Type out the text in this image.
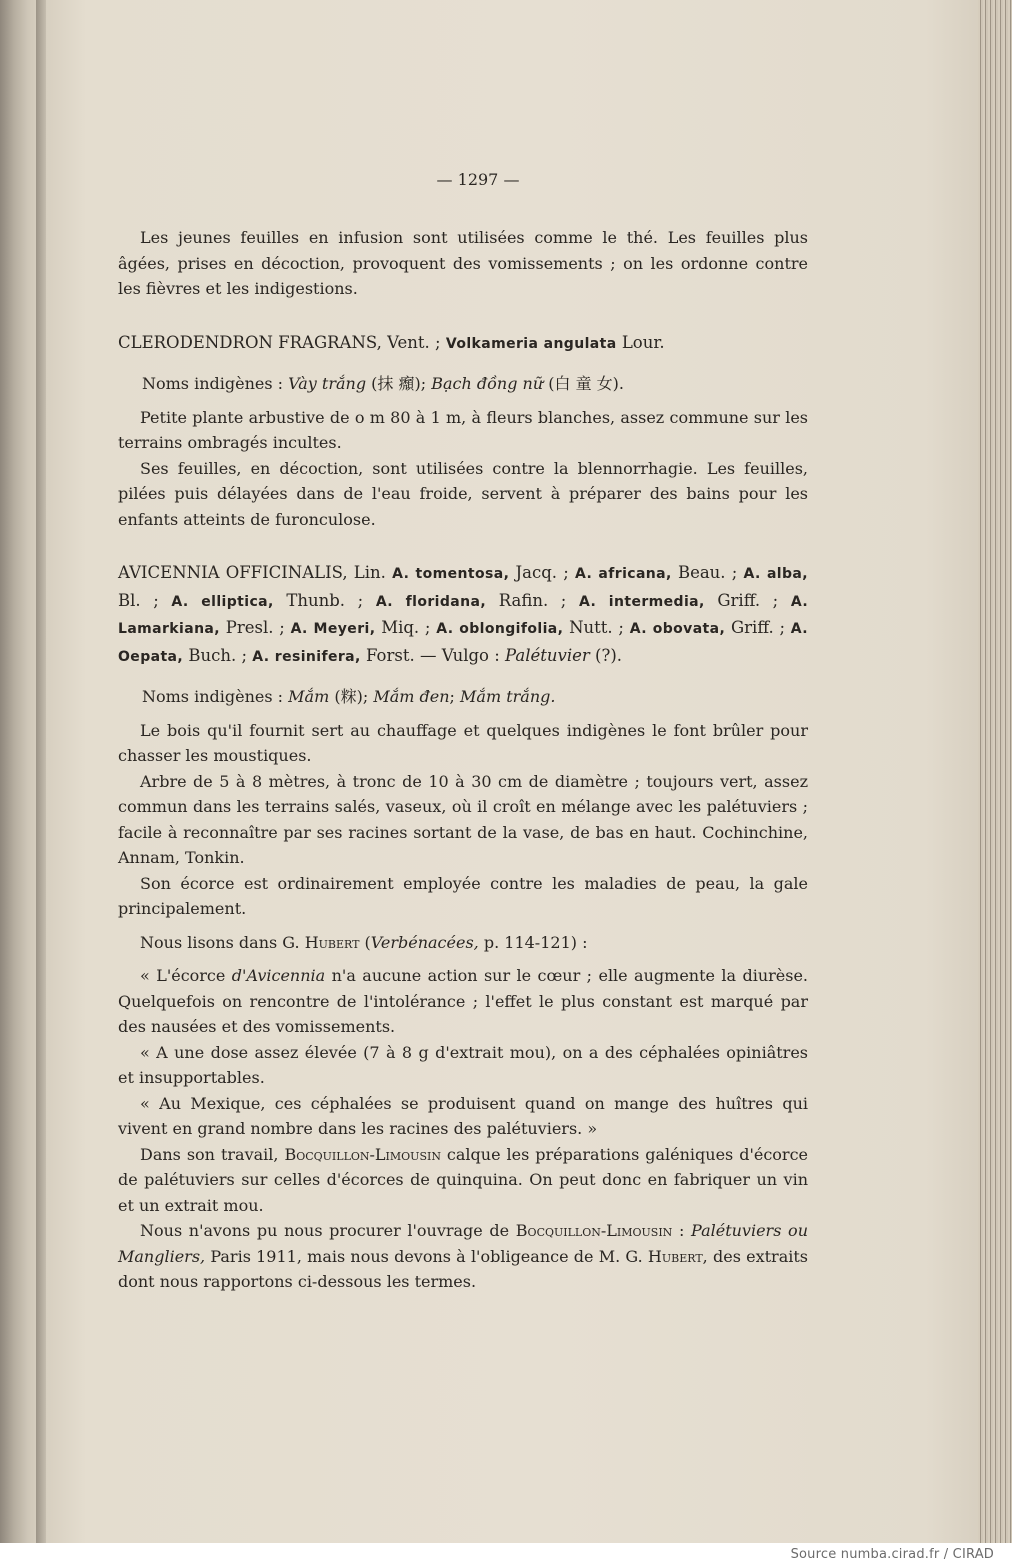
— 1297 —

Les jeunes feuilles en infusion sont utilisées comme le thé. Les feuilles plus âgées, prises en décoction, provoquent des vomissements ; on les ordonne contre les fièvres et les indigestions.

CLERODENDRON FRAGRANS, Vent. ; Volkameria angulata Lour.

Noms indigènes : Vày trắng (抹 㿗); Bạch đồng nữ (白 童 女).

Petite plante arbustive de o m 80 à 1 m, à fleurs blanches, assez commune sur les terrains ombragés incultes.

Ses feuilles, en décoction, sont utilisées contre la blennorrhagie. Les feuilles, pilées puis délayées dans de l'eau froide, servent à préparer des bains pour les enfants atteints de furonculose.

AVICENNIA OFFICINALIS, Lin. A. tomentosa, Jacq. ; A. africana, Beau. ; A. alba, Bl. ; A. elliptica, Thunb. ; A. floridana, Rafin. ; A. intermedia, Griff. ; A. Lamarkiana, Presl. ; A. Meyeri, Miq. ; A. oblongifolia, Nutt. ; A. obovata, Griff. ; A. Oepata, Buch. ; A. resinifera, Forst. — Vulgo : Palétuvier (?).

Noms indigènes : Mắm (䊉); Mắm đen; Mắm trắng.

Le bois qu'il fournit sert au chauffage et quelques indigènes le font brûler pour chasser les moustiques.

Arbre de 5 à 8 mètres, à tronc de 10 à 30 cm de diamètre ; toujours vert, assez commun dans les terrains salés, vaseux, où il croît en mélange avec les palétuviers ; facile à reconnaître par ses racines sortant de la vase, de bas en haut. Cochinchine, Annam, Tonkin.

Son écorce est ordinairement employée contre les maladies de peau, la gale principalement.

Nous lisons dans G. Hubert (Verbénacées, p. 114-121) :

« L'écorce d'Avicennia n'a aucune action sur le cœur ; elle augmente la diurèse. Quelquefois on rencontre de l'intolérance ; l'effet le plus constant est marqué par des nausées et des vomissements.

« A une dose assez élevée (7 à 8 g d'extrait mou), on a des céphalées opiniâtres et insupportables.

« Au Mexique, ces céphalées se produisent quand on mange des huîtres qui vivent en grand nombre dans les racines des palétuviers. »

Dans son travail, Bocquillon-Limousin calque les préparations galéniques d'écorce de palétuviers sur celles d'écorces de quinquina. On peut donc en fabriquer un vin et un extrait mou.

Nous n'avons pu nous procurer l'ouvrage de Bocquillon-Limousin : Palétuviers ou Mangliers, Paris 1911, mais nous devons à l'obligeance de M. G. Hubert, des extraits dont nous rapportons ci-dessous les termes.

Source numba.cirad.fr / CIRAD
